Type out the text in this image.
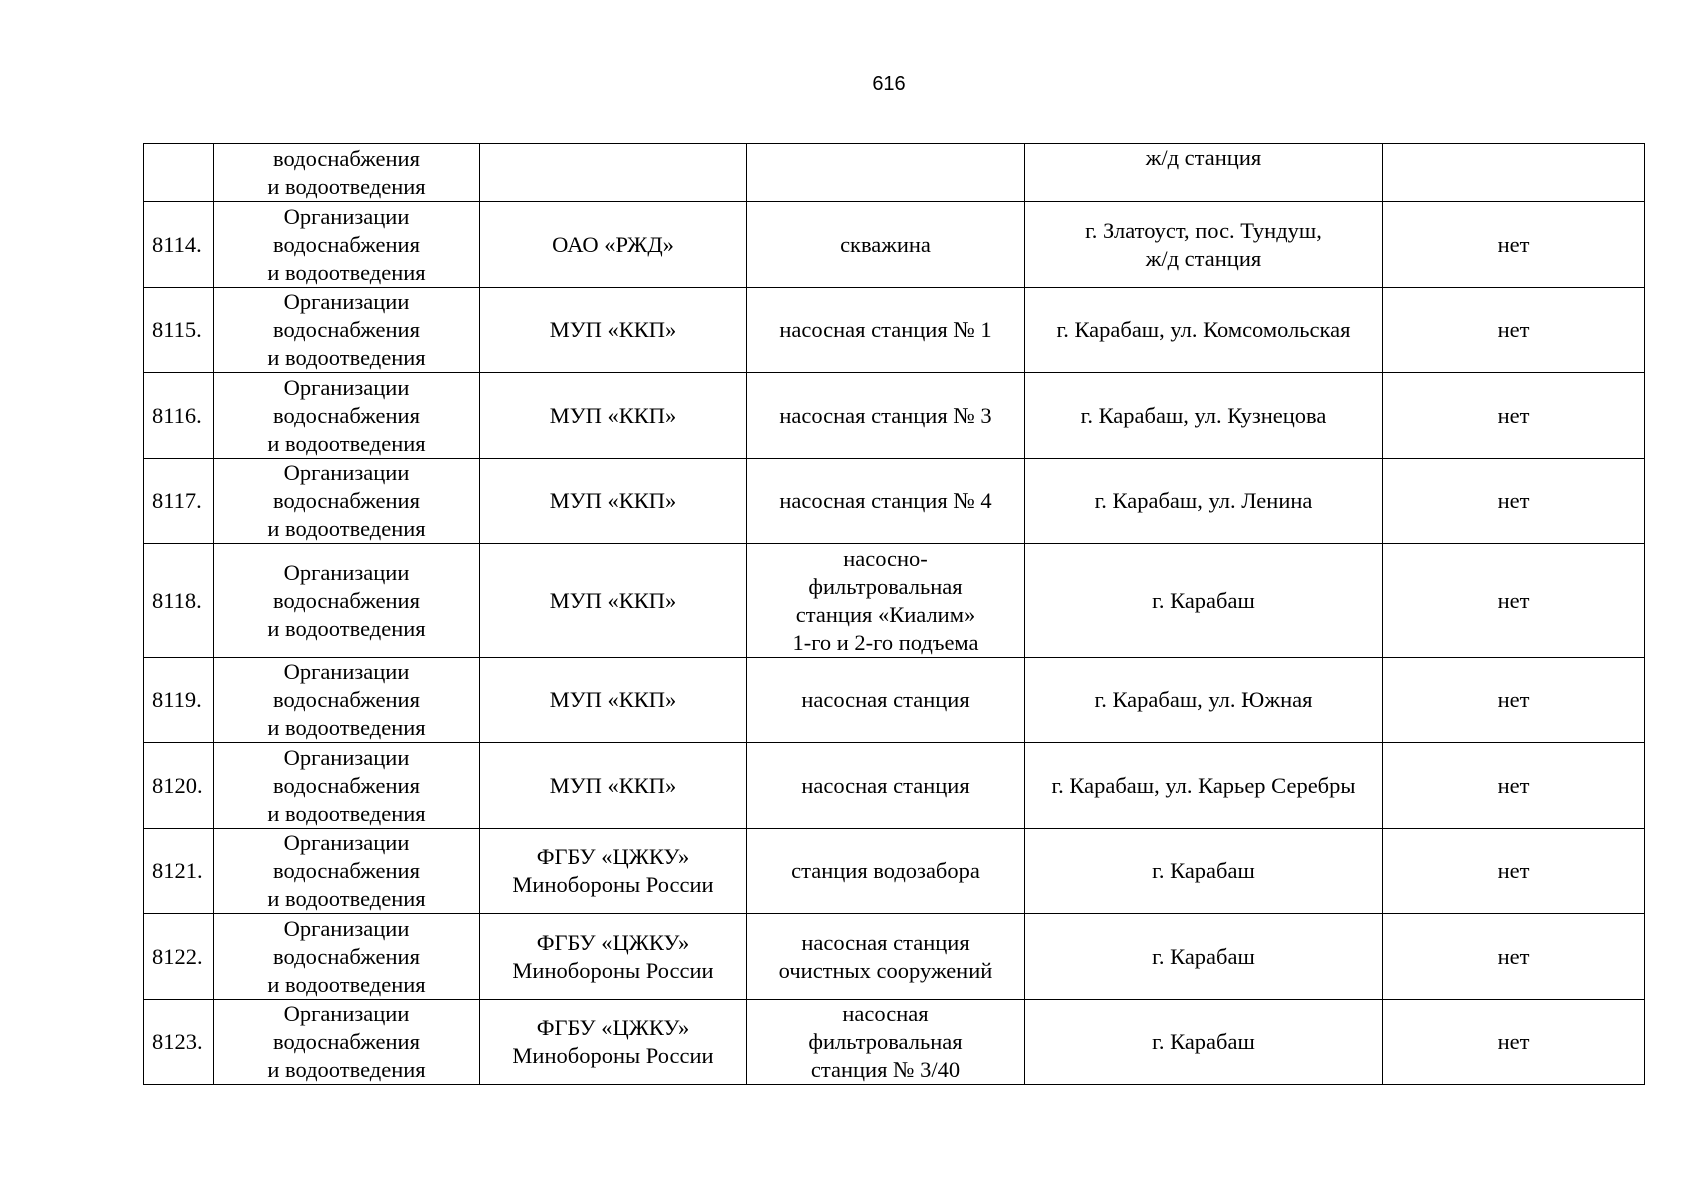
616

	водоснабжения
и водоотведения			ж/д станция	

8114.	Организации
водоснабжения
и водоотведения	ОАО «РЖД»	скважина	г. Златоуст, пос. Тундуш,
ж/д станция	нет
8115.	Организации
водоснабжения
и водоотведения	МУП «ККП»	насосная станция № 1	г. Карабаш, ул. Комсомольская	нет
8116.	Организации
водоснабжения
и водоотведения	МУП «ККП»	насосная станция № 3	г. Карабаш, ул. Кузнецова	нет
8117.	Организации
водоснабжения
и водоотведения	МУП «ККП»	насосная станция № 4	г. Карабаш, ул. Ленина	нет
8118.	Организации
водоснабжения
и водоотведения	МУП «ККП»	насосно-
фильтровальная
станция «Киалим»
1-го и 2-го подъема	г. Карабаш	нет
8119.	Организации
водоснабжения
и водоотведения	МУП «ККП»	насосная станция	г. Карабаш, ул. Южная	нет
8120.	Организации
водоснабжения
и водоотведения	МУП «ККП»	насосная станция	г. Карабаш, ул. Карьер Серебры	нет
8121.	Организации
водоснабжения
и водоотведения	ФГБУ «ЦЖКУ»
Минобороны России	станция водозабора	г. Карабаш	нет
8122.	Организации
водоснабжения
и водоотведения	ФГБУ «ЦЖКУ»
Минобороны России	насосная станция
очистных сооружений	г. Карабаш	нет
8123.	Организации
водоснабжения
и водоотведения	ФГБУ «ЦЖКУ»
Минобороны России	насосная
фильтровальная
станция № 3/40	г. Карабаш	нет
